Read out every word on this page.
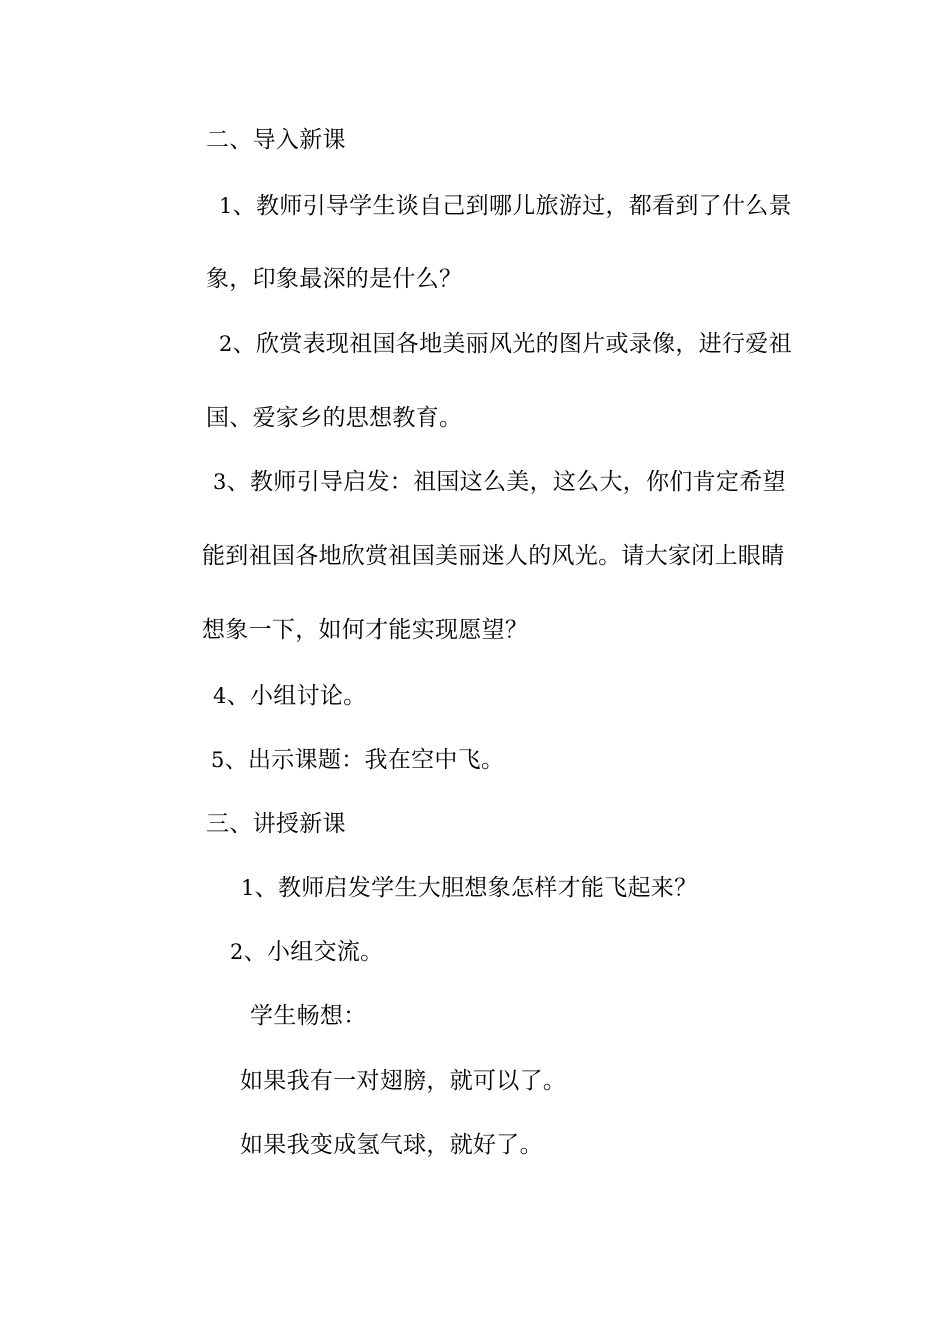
二、导入新课
1、教师引导学生谈自己到哪儿旅游过，都看到了什么景
象，印象最深的是什么？
2、欣赏表现祖国各地美丽风光的图片或录像，进行爱祖
国、爱家乡的思想教育。
3、教师引导启发：祖国这么美，这么大，你们肯定希望
能到祖国各地欣赏祖国美丽迷人的风光。请大家闭上眼睛
想象一下，如何才能实现愿望？
4、小组讨论。
5、出示课题：我在空中飞。
三、讲授新课
1、教师启发学生大胆想象怎样才能飞起来？
2、小组交流。
学生畅想：
如果我有一对翅膀，就可以了。
如果我变成氢气球，就好了。
